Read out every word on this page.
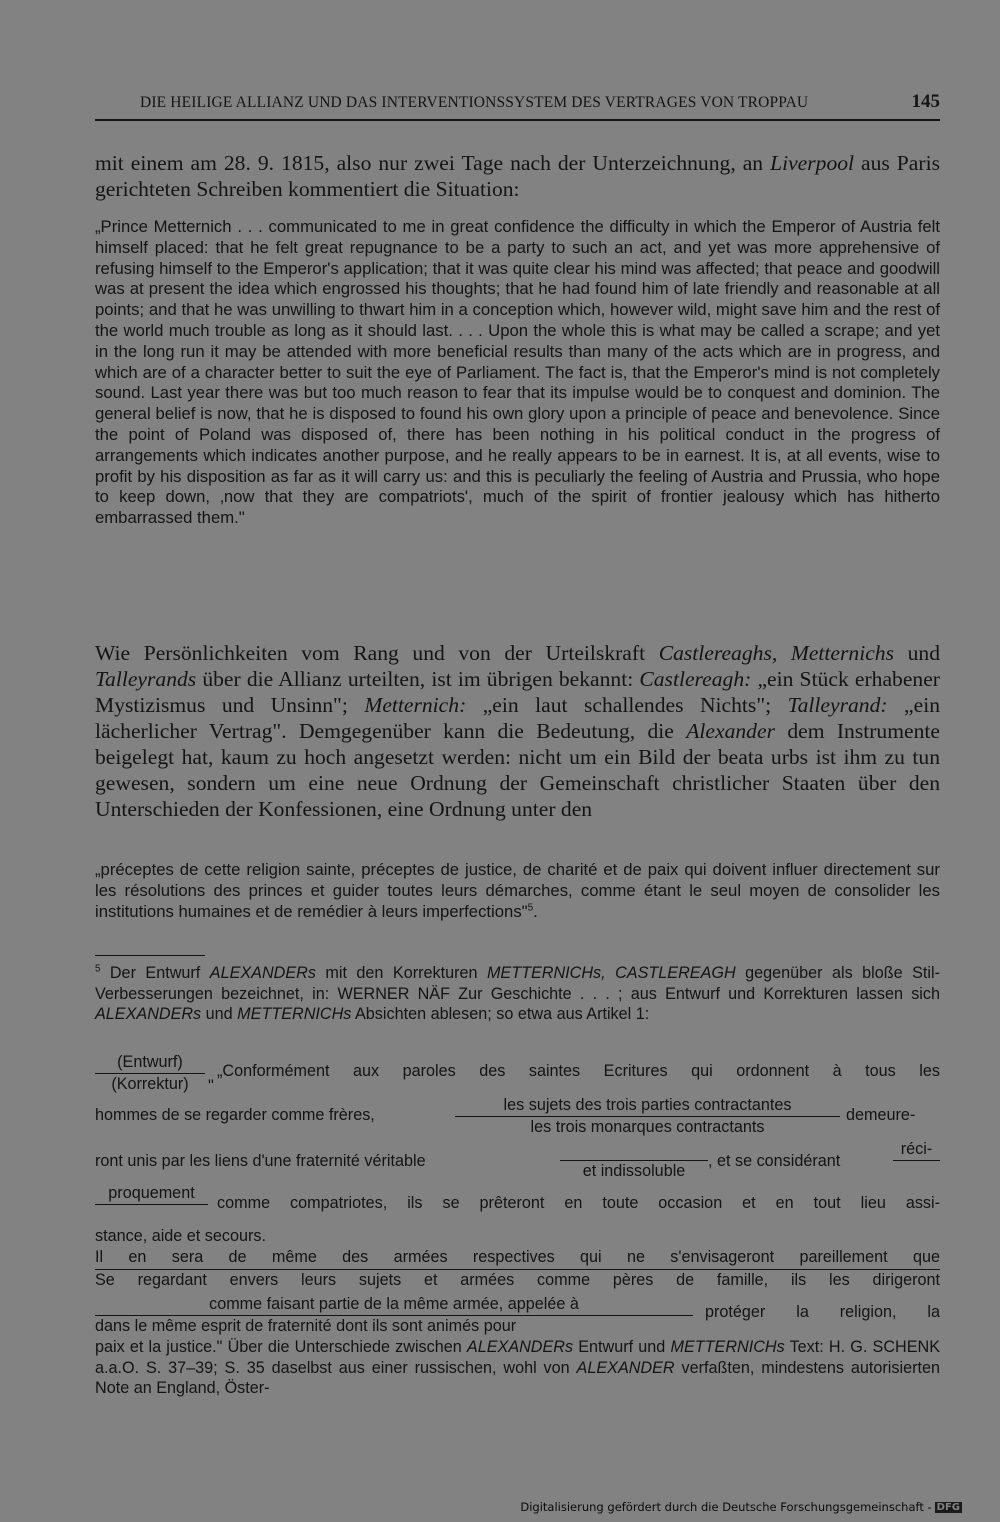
DIE HEILIGE ALLIANZ UND DAS INTERVENTIONSSYSTEM DES VERTRAGES VON TROPPAU	145
mit einem am 28. 9. 1815, also nur zwei Tage nach der Unterzeichnung, an Liverpool aus Paris gerichteten Schreiben kommentiert die Situation:
„Prince Metternich . . . communicated to me in great confidence the difficulty in which the Emperor of Austria felt himself placed: that he felt great repugnance to be a party to such an act, and yet was more apprehensive of refusing himself to the Emperor's application; that it was quite clear his mind was affected; that peace and goodwill was at present the idea which engrossed his thoughts; that he had found him of late friendly and reasonable at all points; and that he was unwilling to thwart him in a conception which, however wild, might save him and the rest of the world much trouble as long as it should last. . . . Upon the whole this is what may be called a scrape; and yet in the long run it may be attended with more beneficial results than many of the acts which are in progress, and which are of a character better to suit the eye of Parliament. The fact is, that the Emperor's mind is not completely sound. Last year there was but too much reason to fear that its impulse would be to conquest and dominion. The general belief is now, that he is disposed to found his own glory upon a principle of peace and benevolence. Since the point of Poland was disposed of, there has been nothing in his political conduct in the progress of arrangements which indicates another purpose, and he really appears to be in earnest. It is, at all events, wise to profit by his disposition as far as it will carry us: and this is peculiarly the feeling of Austria and Prussia, who hope to keep down, ‚now that they are compatriots', much of the spirit of frontier jealousy which has hitherto embarrassed them."
Wie Persönlichkeiten vom Rang und von der Urteilskraft Castlereaghs, Metternichs und Talleyrands über die Allianz urteilten, ist im übrigen bekannt: Castlereagh: „ein Stück erhabener Mystizismus und Unsinn"; Metternich: „ein laut schallendes Nichts"; Talleyrand: „ein lächerlicher Vertrag". Demgegenüber kann die Bedeutung, die Alexander dem Instrumente beigelegt hat, kaum zu hoch angesetzt werden: nicht um ein Bild der beata urbs ist ihm zu tun gewesen, sondern um eine neue Ordnung der Gemeinschaft christlicher Staaten über den Unterschieden der Konfessionen, eine Ordnung unter den
„préceptes de cette religion sainte, préceptes de justice, de charité et de paix qui doivent influer directement sur les résolutions des princes et guider toutes leurs démarches, comme étant le seul moyen de consolider les institutions humaines et de remédier à leurs imperfections"$^5$.
$^5$ Der Entwurf ALEXANDERs mit den Korrekturen METTERNICHs, CASTLEREAGH gegenüber als bloße Stil-Verbesserungen bezeichnet, in: WERNER NÄF Zur Geschichte . . . ; aus Entwurf und Korrekturen lassen sich ALEXANDERs und METTERNICHs Absichten ablesen; so etwa aus Artikel 1:
(Entwurf)
(Korrektur)	"
„Conformément aux paroles des saintes Ecritures qui ordonnent à tous les
hommes de se regarder comme frères,
les sujets des trois parties contractantes
les trois monarques contractants
demeure-
ront unis par les liens d'une fraternité véritable
et indissoluble
, et se considérant
réci-
proquement
comme compatriotes, ils se prêteront en toute occasion et en tout lieu assi-
stance, aide et secours.
Il en sera de même des armées respectives qui ne s'envisageront pareillement que
Se regardant envers leurs sujets et armées comme pères de famille, ils les dirigeront
comme faisant partie de la même armée, appelée à
dans le même esprit de fraternité dont ils sont animés pour
protéger la religion, la
paix et la justice." Über die Unterschiede zwischen ALEXANDERs Entwurf und METTERNICHs Text: H. G. SCHENK a.a.O. S. 37–39; S. 35 daselbst aus einer russischen, wohl von ALEXANDER verfaßten, mindestens autorisierten Note an England, Öster-
Digitalisierung gefördert durch die Deutsche Forschungsgemeinschaft - DFG
